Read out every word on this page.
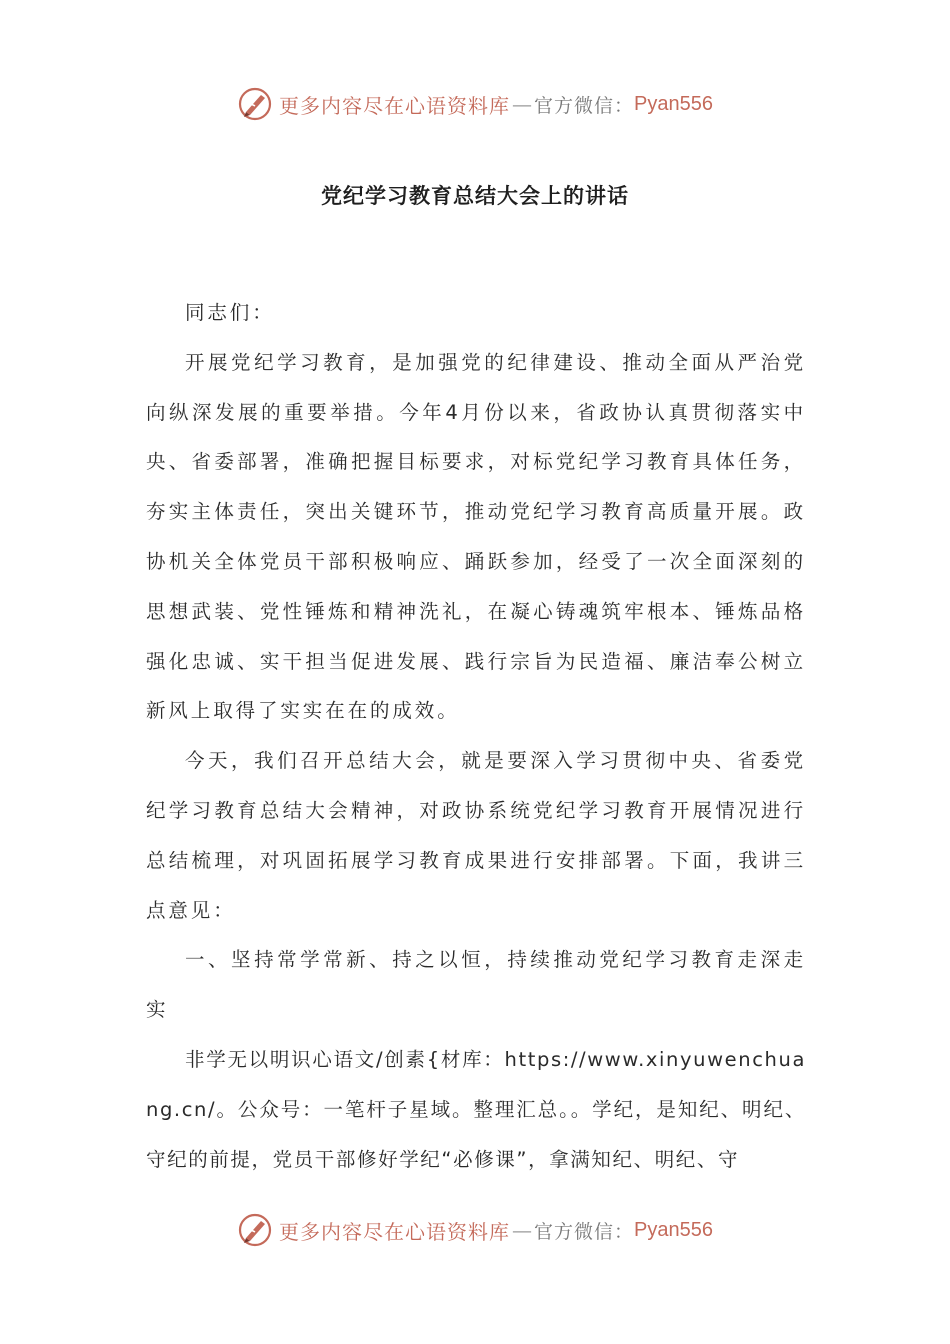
更多内容尽在心语资料库 — 官方微信： Pyan556
党纪学习教育总结大会上的讲话

同志们：

开展党纪学习教育，是加强党的纪律建设、推动全面从严治党向纵深发展的重要举措。今年4月份以来，省政协认真贯彻落实中央、省委部署，准确把握目标要求，对标党纪学习教育具体任务，夯实主体责任，突出关键环节，推动党纪学习教育高质量开展。政协机关全体党员干部积极响应、踊跃参加，经受了一次全面深刻的思想武装、党性锤炼和精神洗礼，在凝心铸魂筑牢根本、锤炼品格强化忠诚、实干担当促进发展、践行宗旨为民造福、廉洁奉公树立新风上取得了实实在在的成效。

今天，我们召开总结大会，就是要深入学习贯彻中央、省委党纪学习教育总结大会精神，对政协系统党纪学习教育开展情况进行总结梳理，对巩固拓展学习教育成果进行安排部署。下面，我讲三点意见：

一、坚持常学常新、持之以恒，持续推动党纪学习教育走深走实

非学无以明识心语文/创素{材库：https://www.xinyuwenchuang.cn/。公众号：一笔杆子星域。整理汇总。。学纪，是知纪、明纪、守纪的前提，党员干部修好学纪“必修课”，拿满知纪、明纪、守

更多内容尽在心语资料库 — 官方微信： Pyan556
